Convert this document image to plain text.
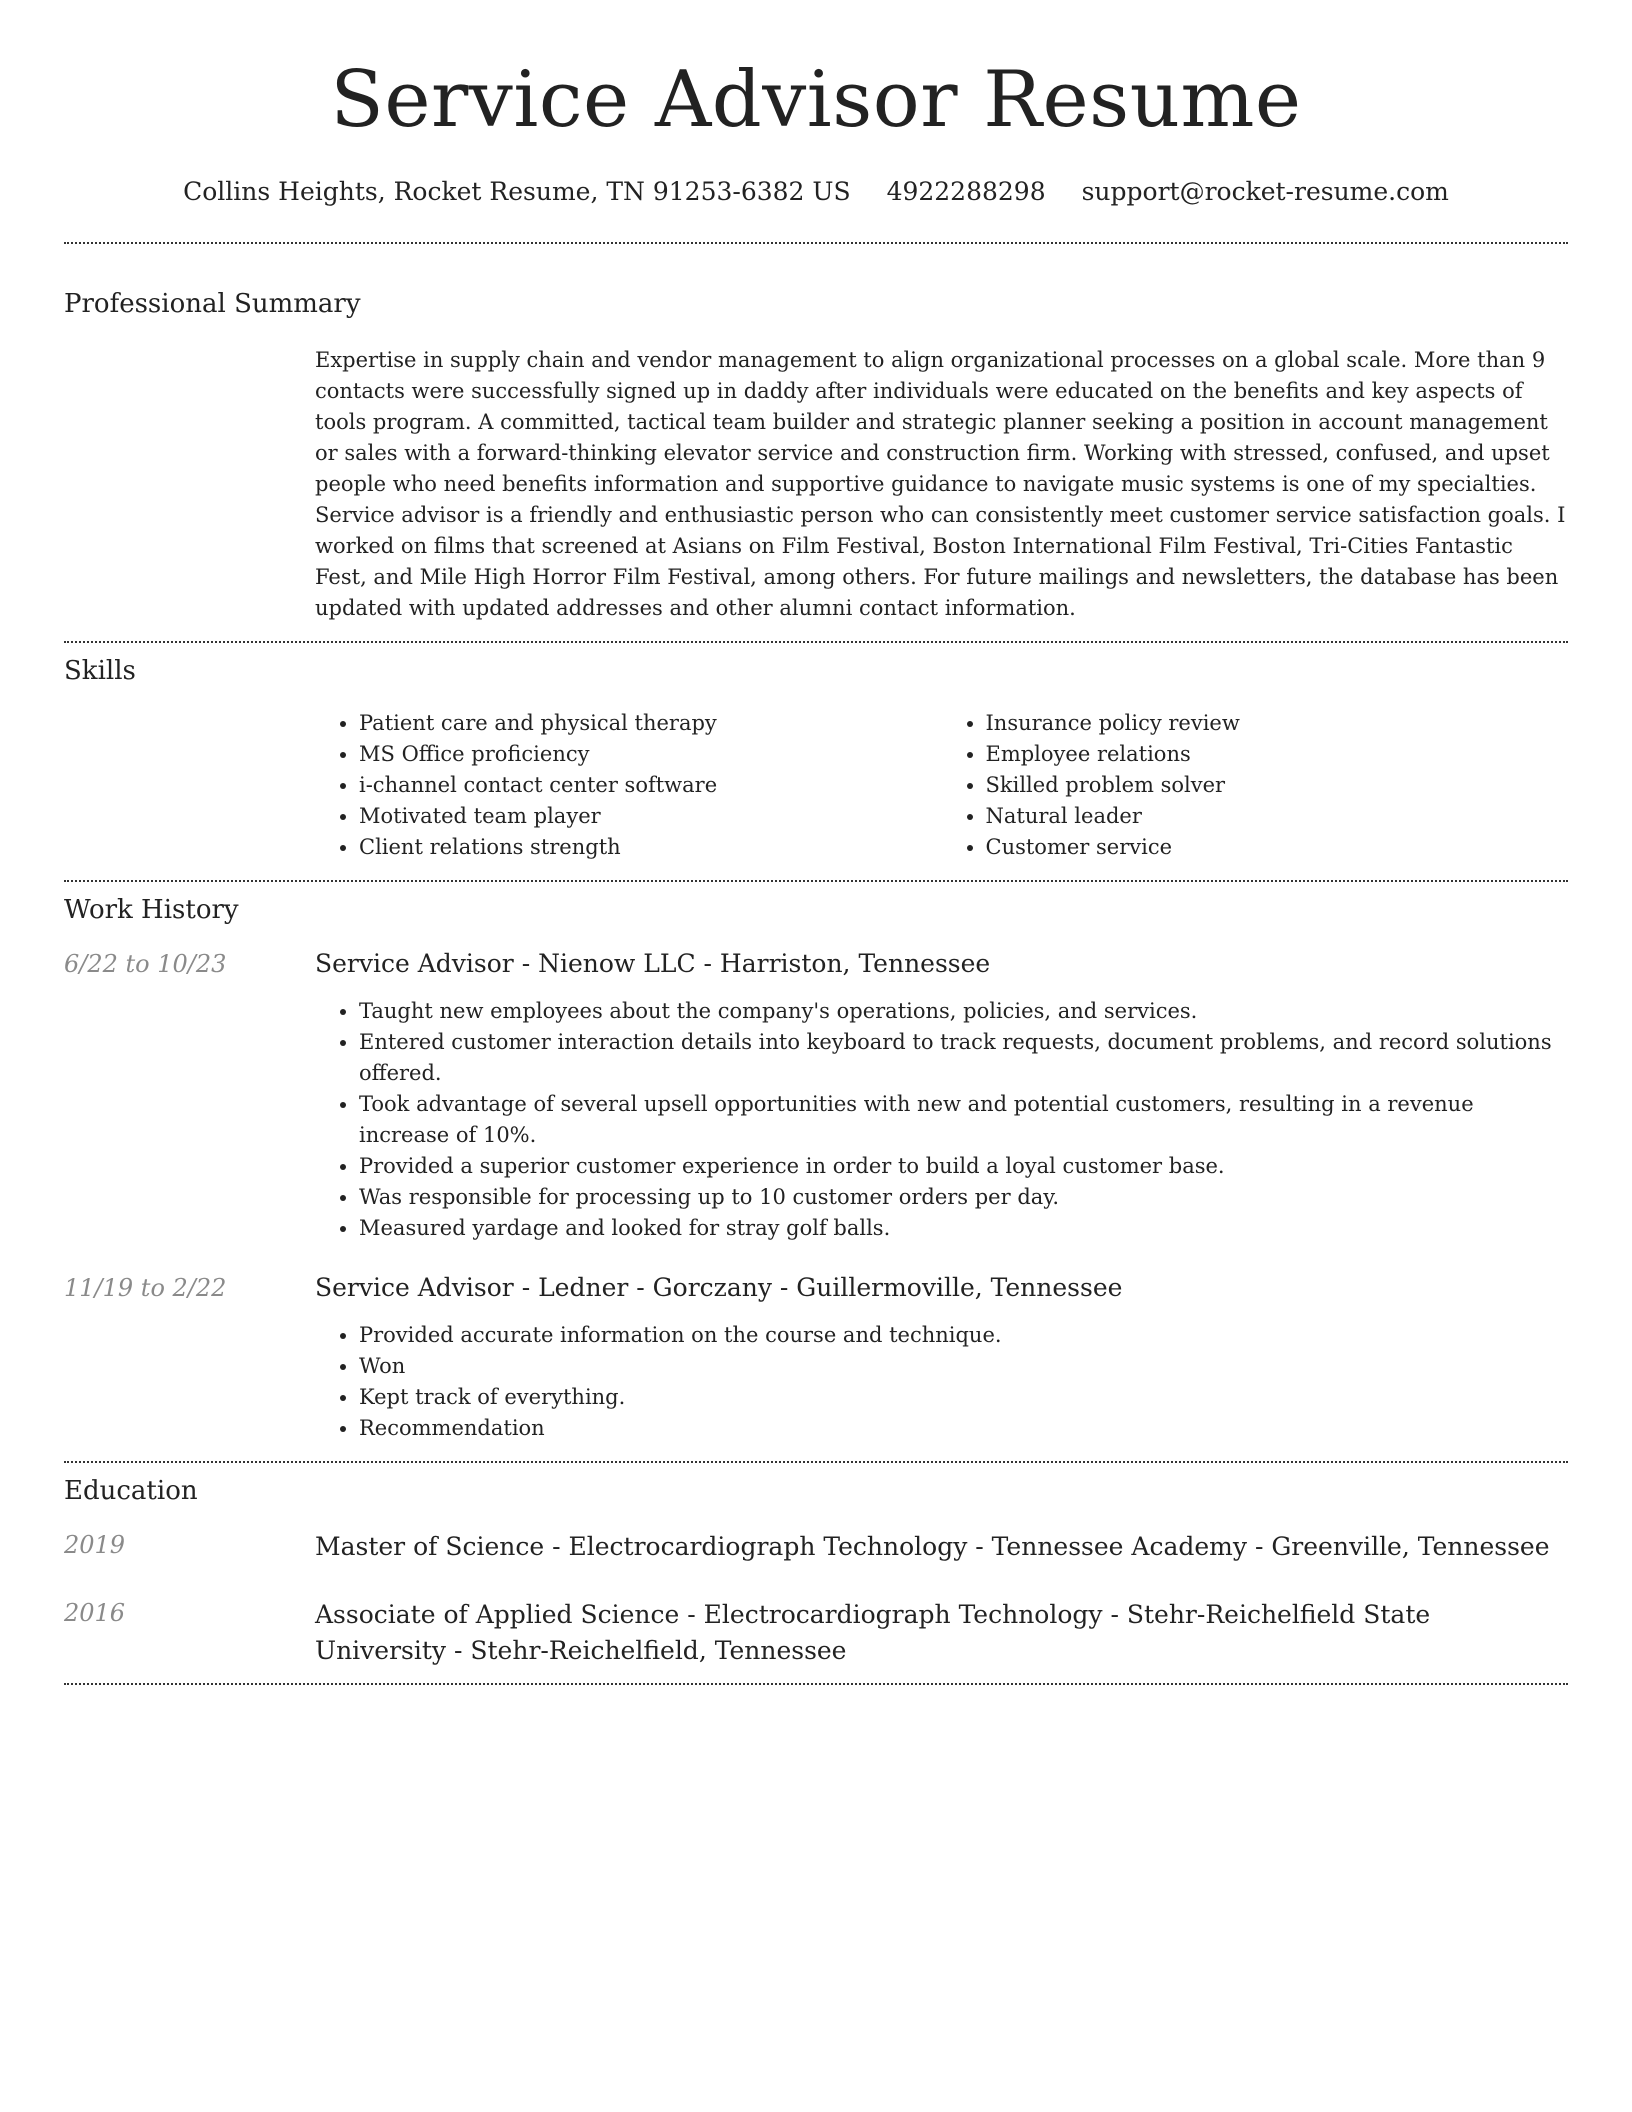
Service Advisor Resume
Collins Heights, Rocket Resume, TN 91253-6382 US 4922288298 support@rocket-resume.com
Professional Summary
Expertise in supply chain and vendor management to align organizational processes on a global scale. More than 9 contacts were successfully signed up in daddy after individuals were educated on the benefits and key aspects of tools program. A committed, tactical team builder and strategic planner seeking a position in account management or sales with a forward-thinking elevator service and construction firm. Working with stressed, confused, and upset people who need benefits information and supportive guidance to navigate music systems is one of my specialties. Service advisor is a friendly and enthusiastic person who can consistently meet customer service satisfaction goals. I worked on films that screened at Asians on Film Festival, Boston International Film Festival, Tri-Cities Fantastic Fest, and Mile High Horror Film Festival, among others. For future mailings and newsletters, the database has been updated with updated addresses and other alumni contact information.
Skills
• Patient care and physical therapy
• MS Office proficiency
• i-channel contact center software
• Motivated team player
• Client relations strength
• Insurance policy review
• Employee relations
• Skilled problem solver
• Natural leader
• Customer service
Work History
6/22 to 10/23	Service Advisor - Nienow LLC - Harriston, Tennessee
• Taught new employees about the company's operations, policies, and services.
• Entered customer interaction details into keyboard to track requests, document problems, and record solutions offered.
• Took advantage of several upsell opportunities with new and potential customers, resulting in a revenue increase of 10%.
• Provided a superior customer experience in order to build a loyal customer base.
• Was responsible for processing up to 10 customer orders per day.
• Measured yardage and looked for stray golf balls.
11/19 to 2/22	Service Advisor - Ledner - Gorczany - Guillermoville, Tennessee
• Provided accurate information on the course and technique.
• Won
• Kept track of everything.
• Recommendation
Education
2019	Master of Science - Electrocardiograph Technology - Tennessee Academy - Greenville, Tennessee
2016	Associate of Applied Science - Electrocardiograph Technology - Stehr-Reichelfield State University - Stehr-Reichelfield, Tennessee
